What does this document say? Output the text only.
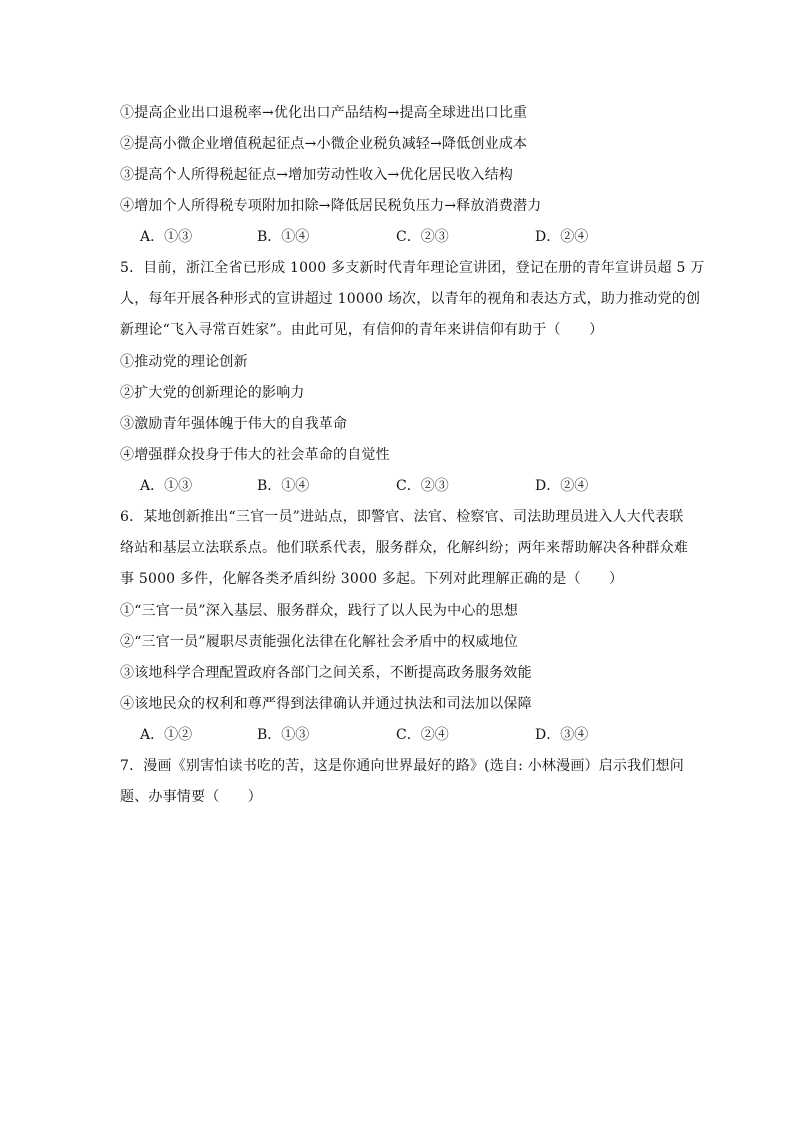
①提高企业出口退税率→优化出口产品结构→提高全球进出口比重
②提高小微企业增值税起征点→小微企业税负减轻→降低创业成本
③提高个人所得税起征点→增加劳动性收入→优化居民收入结构
④增加个人所得税专项附加扣除→降低居民税负压力→释放消费潜力
A．①③	B．①④	C．②③	D．②④
5．目前，浙江全省已形成 1000 多支新时代青年理论宣讲团，登记在册的青年宣讲员超 5 万
人，每年开展各种形式的宣讲超过 10000 场次，以青年的视角和表达方式，助力推动党的创
新理论“飞入寻常百姓家”。由此可见，有信仰的青年来讲信仰有助于（　　）
①推动党的理论创新
②扩大党的创新理论的影响力
③激励青年强体魄于伟大的自我革命
④增强群众投身于伟大的社会革命的自觉性
A．①③	B．①④	C．②③	D．②④
6．某地创新推出“三官一员”进站点，即警官、法官、检察官、司法助理员进入人大代表联
络站和基层立法联系点。他们联系代表，服务群众，化解纠纷；两年来帮助解决各种群众难
事 5000 多件，化解各类矛盾纠纷 3000 多起。下列对此理解正确的是（　　）
①“三官一员”深入基层、服务群众，践行了以人民为中心的思想
②“三官一员”履职尽责能强化法律在化解社会矛盾中的权威地位
③该地科学合理配置政府各部门之间关系，不断提高政务服务效能
④该地民众的权利和尊严得到法律确认并通过执法和司法加以保障
A．①②	B．①③	C．②④	D．③④
7．漫画《别害怕读书吃的苦，这是你通向世界最好的路》(选自: 小林漫画）启示我们想问
题、办事情要（　　）
